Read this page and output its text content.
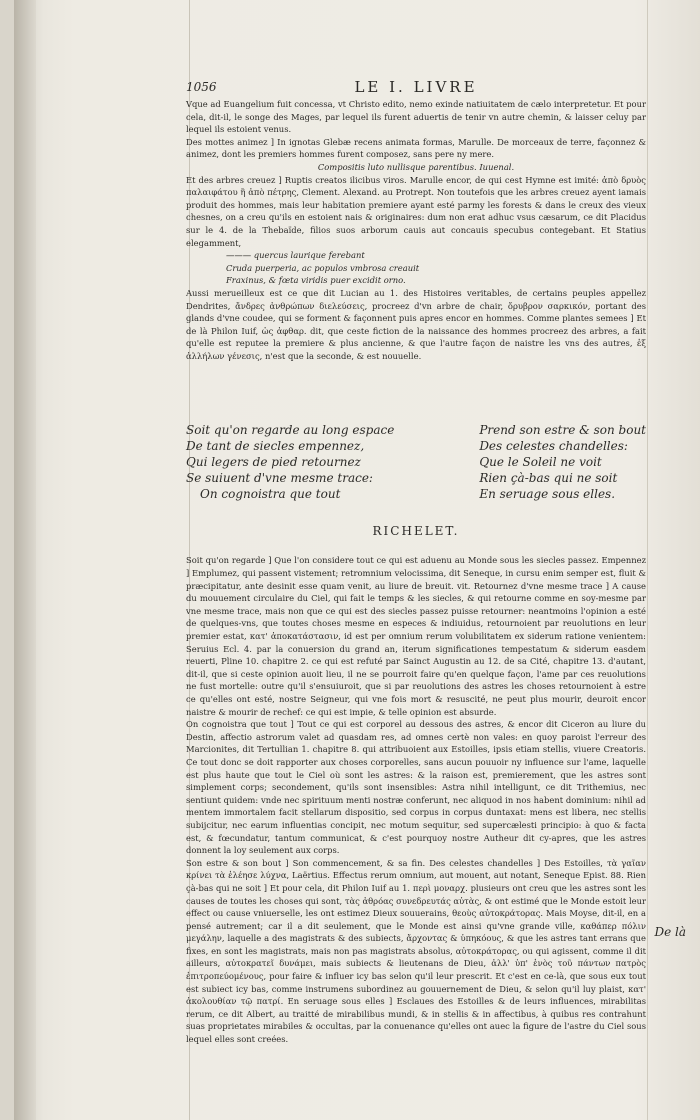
1056	LE I. LIVRE

Vque ad Euangelium fuit concessa, vt Christo edito, nemo exinde natiuitatem de cælo interpretetur. Et pour cela, dit-il, le songe des Mages, par lequel ils furent aduertis de tenir vn autre chemin, & laisser celuy par lequel ils estoient venus.

Des mottes animez ] In ignotas Glebæ recens animata formas, Marulle. De morceaux de terre, façonnez & animez, dont les premiers hommes furent composez, sans pere ny mere.

Compositis luto nullisque parentibus. Iuuenal.

Et des arbres creuez ] Ruptis creatos ilicibus viros. Marulle encor, de qui cest Hymne est imité: ἀπὸ δρυὸς παλαιφάτου ἢ ἀπὸ πέτρης, Clement. Alexand. au Protrept. Non toutefois que les arbres creuez ayent iamais produit des hommes, mais leur habitation premiere ayant esté parmy les forests & dans le creux des vieux chesnes, on a creu qu'ils en estoient nais & originaires: dum non erat adhuc vsus cæsarum, ce dit Placidus sur le 4. de la Thebaïde, filios suos arborum cauis aut concauis specubus contegebant. Et Statius elegamment,

——— quercus laurique ferebant

Cruda puerperia, ac populos vmbrosa creauit

Fraxinus, & fœta viridis puer excidit orno.

Aussi merueilleux est ce que dit Lucian au 1. des Histoires veritables, de certains peuples appellez Dendrites, ἄνδρες ἀνθρώπων διελεύσεις, procreez d'vn arbre de chair, ὄρυβρον σαρκικόν, portant des glands d'vne coudee, qui se forment & façonnent puis apres encor en hommes. Comme plantes semees ] Et de là Philon Iuif, ὡς ἀφθαρ. dit, que ceste fiction de la naissance des hommes procreez des arbres, a fait qu'elle est reputee la premiere & plus ancienne, & que l'autre façon de naistre les vns des autres, ἐξ ἀλλήλων γένεσις, n'est que la seconde, & est nouuelle.

Soit qu'on regarde au long espace
De tant de siecles empennez,
Qui legers de pied retournez
Se suiuent d'vne mesme trace:
On cognoistra que tout
Prend son estre & son bout
Des celestes chandelles:
Que le Soleil ne voit
Rien çà-bas qui ne soit
En seruage sous elles.
RICHELET.

Soit qu'on regarde ] Que l'on considere tout ce qui est aduenu au Monde sous les siecles passez. Empennez ] Emplumez, qui passent vistement; retromnium velocissima, dit Seneque, in cursu enim semper est, fluit & præcipitatur, ante desinit esse quam venit, au liure de breuit. vit. Retournez d'vne mesme trace ] A cause du mouuement circulaire du Ciel, qui fait le temps & les siecles, & qui retourne comme en soy-mesme par vne mesme trace, mais non que ce qui est des siecles passez puisse retourner: neantmoins l'opinion a esté de quelques-vns, que toutes choses mesme en especes & indiuidus, retournoient par reuolutions en leur premier estat, κατ' ἀποκατάστασιν, id est per omnium rerum volubilitatem ex siderum ratione venientem: Seruius Ecl. 4. par la conuersion du grand an, iterum significationes tempestatum & siderum easdem reuerti, Pline 10. chapitre 2. ce qui est refuté par Sainct Augustin au 12. de sa Cité, chapitre 13. d'autant, dit-il, que si ceste opinion auoit lieu, il ne se pourroit faire qu'en quelque façon, l'ame par ces reuolutions ne fust mortelle: outre qu'il s'ensuiuroit, que si par reuolutions des astres les choses retournoient à estre ce qu'elles ont esté, nostre Seigneur, qui vne fois mort & resuscité, ne peut plus mourir, deuroit encor naistre & mourir de rechef: ce qui est impie, & telle opinion est absurde.

On cognoistra que tout ] Tout ce qui est corporel au dessous des astres, & encor dit Ciceron au liure du Destin, affectio astrorum valet ad quasdam res, ad omnes certè non vales: en quoy paroist l'erreur des Marcionites, dit Tertullian 1. chapitre 8. qui attribuoient aux Estoilles, ipsis etiam stellis, viuere Creatoris. Ce tout donc se doit rapporter aux choses corporelles, sans aucun pouuoir ny influence sur l'ame, laquelle est plus haute que tout le Ciel où sont les astres: & la raison est, premierement, que les astres sont simplement corps; secondement, qu'ils sont insensibles: Astra nihil intelligunt, ce dit Trithemius, nec sentiunt quidem: vnde nec spirituum menti nostræ conferunt, nec aliquod in nos habent dominium: nihil ad mentem immortalem facit stellarum dispositio, sed corpus in corpus duntaxat: mens est libera, nec stellis subijcitur, nec earum influentias concipit, nec motum sequitur, sed supercælesti principio: à quo & facta est, & fœcundatur, tantum communicat, & c'est pourquoy nostre Autheur dit cy-apres, que les astres donnent la loy seulement aux corps.

Son estre & son bout ] Son commencement, & sa fin. Des celestes chandelles ] Des Estoilles, τὰ γαῖαν κρίνει τὰ ἐλέησε λύχνα, Laërtius. Effectus rerum omnium, aut mouent, aut notant, Seneque Epist. 88. Rien çà-bas qui ne soit ] Et pour cela, dit Philon Iuif au 1. περὶ μοναρχ. plusieurs ont creu que les astres sont les causes de toutes les choses qui sont, τὰς ἀθρόας συνεδρευτάς αὐτὰς, & ont estimé que le Monde estoit leur effect ou cause vniuerselle, les ont estimez Dieux souuerains, θεοὺς αὐτοκράτορας. Mais Moyse, dit-il, en a pensé autrement; car il a dit seulement, que le Monde est ainsi qu'vne grande ville, καθάπερ πόλιν μεγάλην, laquelle a des magistrats & des subiects, ἄρχοντας & ὑπηκόους, & que les astres tant errans que fixes, en sont les magistrats, mais non pas magistrats absolus, αὐτοκράτορας, ou qui agissent, comme il dit ailleurs, αὐτοκρατεῖ δυνάμει, mais subiects & lieutenans de Dieu, ἀλλ' ὑπ' ἑνὸς τοῦ πάντων πατρὸς ἐπιτροπεύομένους, pour faire & influer icy bas selon qu'il leur prescrit. Et c'est en ce-là, que sous eux tout est subiect icy bas, comme instrumens subordinez au gouuernement de Dieu, & selon qu'il luy plaist, κατ' ἀκολουθίαν τῷ πατρί. En seruage sous elles ] Esclaues des Estoilles & de leurs influences, mirabilitas rerum, ce dit Albert, au traitté de mirabilibus mundi, & in stellis & in affectibus, à quibus res contrahunt suas proprietates mirabiles & occultas, par la conuenance qu'elles ont auec la figure de l'astre du Ciel sous lequel elles sont creées.

De là
